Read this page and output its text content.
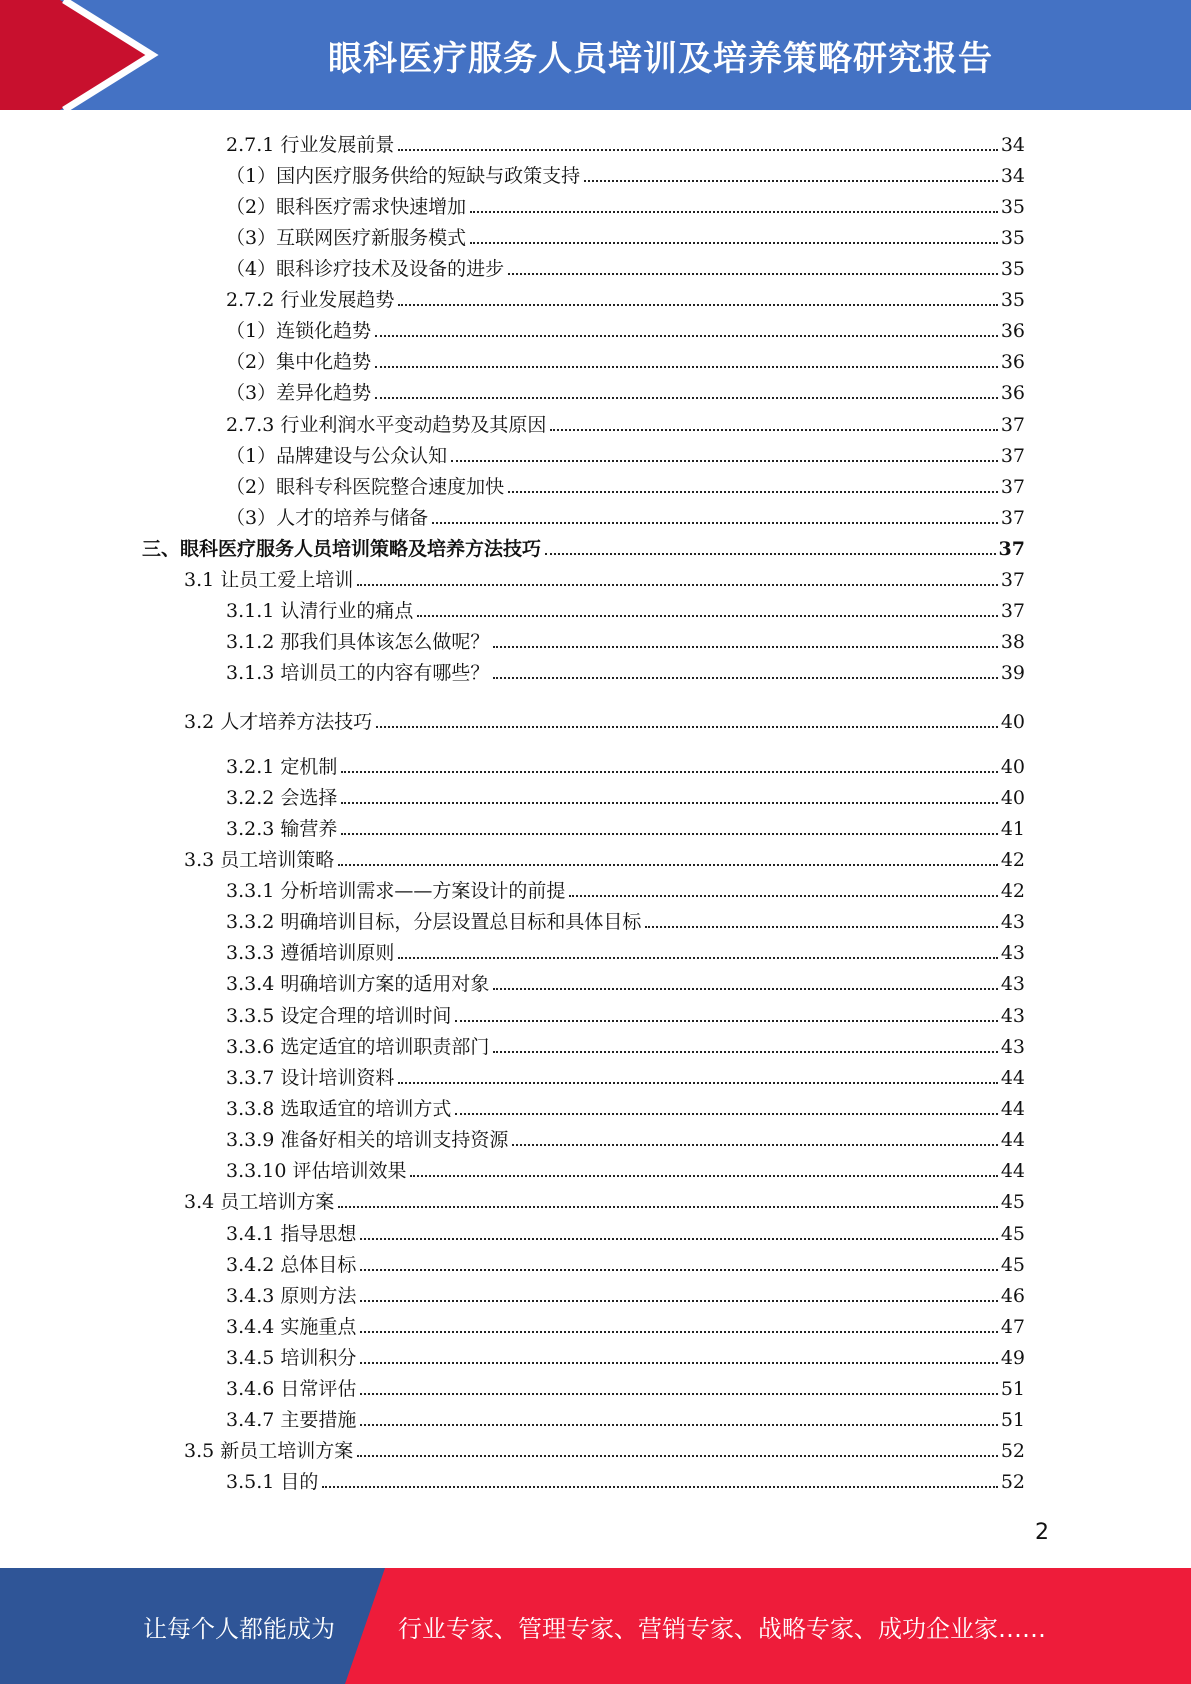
眼科医疗服务人员培训及培养策略研究报告
2.7.1 行业发展前景	34
（1）国内医疗服务供给的短缺与政策支持	34
（2）眼科医疗需求快速增加	35
（3）互联网医疗新服务模式	35
（4）眼科诊疗技术及设备的进步	35
2.7.2 行业发展趋势	35
（1）连锁化趋势	36
（2）集中化趋势	36
（3）差异化趋势	36
2.7.3 行业利润水平变动趋势及其原因	37
（1）品牌建设与公众认知	37
（2）眼科专科医院整合速度加快	37
（3）人才的培养与储备	37
三、眼科医疗服务人员培训策略及培养方法技巧	37
3.1 让员工爱上培训	37
3.1.1 认清行业的痛点	37
3.1.2 那我们具体该怎么做呢？	38
3.1.3 培训员工的内容有哪些？	39
3.2 人才培养方法技巧	40
3.2.1 定机制	40
3.2.2 会选择	40
3.2.3 输营养	41
3.3 员工培训策略	42
3.3.1 分析培训需求——方案设计的前提	42
3.3.2 明确培训目标，分层设置总目标和具体目标	43
3.3.3 遵循培训原则	43
3.3.4 明确培训方案的适用对象	43
3.3.5 设定合理的培训时间	43
3.3.6 选定适宜的培训职责部门	43
3.3.7 设计培训资料	44
3.3.8 选取适宜的培训方式	44
3.3.9 准备好相关的培训支持资源	44
3.3.10 评估培训效果	44
3.4 员工培训方案	45
3.4.1 指导思想	45
3.4.2 总体目标	45
3.4.3 原则方法	46
3.4.4 实施重点	47
3.4.5 培训积分	49
3.4.6 日常评估	51
3.4.7 主要措施	51
3.5 新员工培训方案	52
3.5.1 目的	52
2
让每个人都能成为	行业专家、管理专家、营销专家、战略专家、成功企业家……
